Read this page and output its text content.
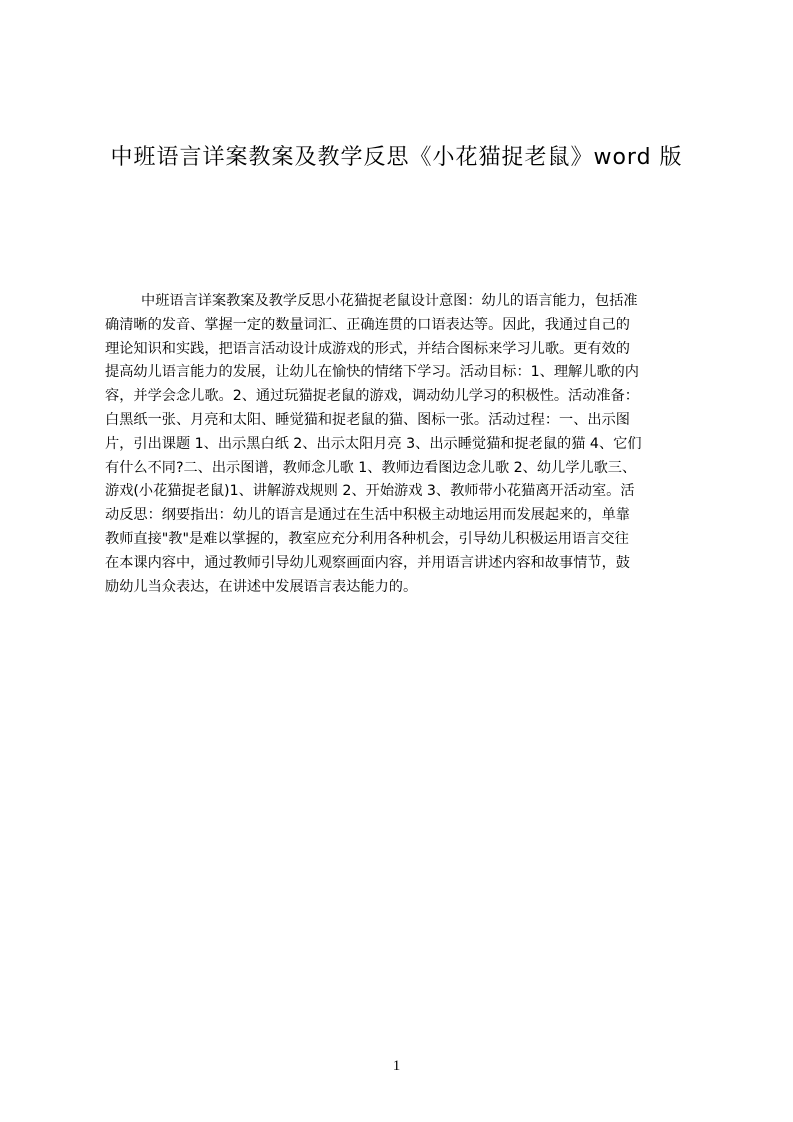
中班语言详案教案及教学反思《小花猫捉老鼠》word 版
中班语言详案教案及教学反思小花猫捉老鼠设计意图：幼儿的语言能力，包括准
确清晰的发音、掌握一定的数量词汇、正确连贯的口语表达等。因此，我通过自己的
理论知识和实践，把语言活动设计成游戏的形式，并结合图标来学习儿歌。更有效的
提高幼儿语言能力的发展，让幼儿在愉快的情绪下学习。活动目标：1、理解儿歌的内
容，并学会念儿歌。2、通过玩猫捉老鼠的游戏，调动幼儿学习的积极性。活动准备：
白黑纸一张、月亮和太阳、睡觉猫和捉老鼠的猫、图标一张。活动过程：一、出示图
片，引出课题 1、出示黑白纸 2、出示太阳月亮 3、出示睡觉猫和捉老鼠的猫 4、它们
有什么不同?二、出示图谱，教师念儿歌 1、教师边看图边念儿歌 2、幼儿学儿歌三、
游戏(小花猫捉老鼠)1、讲解游戏规则 2、开始游戏 3、教师带小花猫离开活动室。活
动反思：纲要指出：幼儿的语言是通过在生活中积极主动地运用而发展起来的，单靠
教师直接"教"是难以掌握的，教室应充分利用各种机会，引导幼儿积极运用语言交往
在本课内容中，通过教师引导幼儿观察画面内容，并用语言讲述内容和故事情节，鼓
励幼儿当众表达，在讲述中发展语言表达能力的。
1
